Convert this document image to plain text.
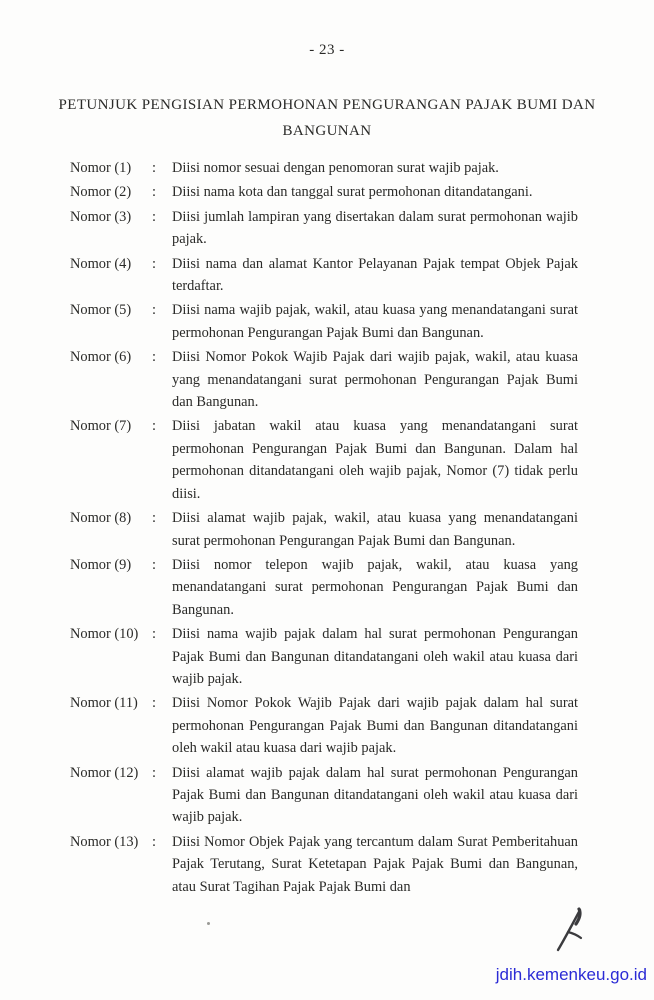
- 23 -
PETUNJUK PENGISIAN PERMOHONAN PENGURANGAN PAJAK BUMI DAN
BANGUNAN
Nomor (1)	:	Diisi nomor sesuai dengan penomoran surat wajib pajak.
Nomor (2)	:	Diisi nama kota dan tanggal surat permohonan ditandatangani.
Nomor (3)	:	Diisi jumlah lampiran yang disertakan dalam surat permohonan wajib pajak.
Nomor (4)	:	Diisi nama dan alamat Kantor Pelayanan Pajak tempat Objek Pajak terdaftar.
Nomor (5)	:	Diisi nama wajib pajak, wakil, atau kuasa yang menandatangani surat permohonan Pengurangan Pajak Bumi dan Bangunan.
Nomor (6)	:	Diisi Nomor Pokok Wajib Pajak dari wajib pajak, wakil, atau kuasa yang menandatangani surat permohonan Pengurangan Pajak Bumi dan Bangunan.
Nomor (7)	:	Diisi jabatan wakil atau kuasa yang menandatangani surat permohonan Pengurangan Pajak Bumi dan Bangunan. Dalam hal permohonan ditandatangani oleh wajib pajak, Nomor (7) tidak perlu diisi.
Nomor (8)	:	Diisi alamat wajib pajak, wakil, atau kuasa yang menandatangani surat permohonan Pengurangan Pajak Bumi dan Bangunan.
Nomor (9)	:	Diisi nomor telepon wajib pajak, wakil, atau kuasa yang menandatangani surat permohonan Pengurangan Pajak Bumi dan Bangunan.
Nomor (10) :	Diisi nama wajib pajak dalam hal surat permohonan Pengurangan Pajak Bumi dan Bangunan ditandatangani oleh wakil atau kuasa dari wajib pajak.
Nomor (11) :	Diisi Nomor Pokok Wajib Pajak dari wajib pajak dalam hal surat permohonan Pengurangan Pajak Bumi dan Bangunan ditandatangani oleh wakil atau kuasa dari wajib pajak.
Nomor (12) :	Diisi alamat wajib pajak dalam hal surat permohonan Pengurangan Pajak Bumi dan Bangunan ditandatangani oleh wakil atau kuasa dari wajib pajak.
Nomor (13) :	Diisi Nomor Objek Pajak yang tercantum dalam Surat Pemberitahuan Pajak Terutang, Surat Ketetapan Pajak Pajak Bumi dan Bangunan, atau Surat Tagihan Pajak Pajak Bumi dan
jdih.kemenkeu.go.id
